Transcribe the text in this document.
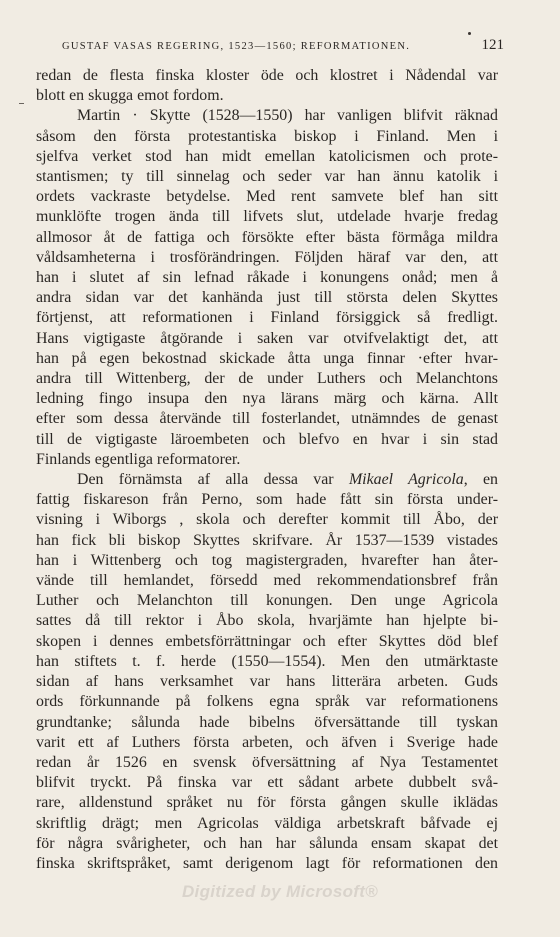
GUSTAF VASAS REGERING, 1523—1560; REFORMATIONEN.	121
redan de flesta finska kloster öde och klostret i Nådendal var
blott en skugga emot fordom.
Martin · Skytte (1528—1550) har vanligen blifvit räknad
såsom den första protestantiska biskop i Finland. Men i
sjelfva verket stod han midt emellan katolicismen och prote-
stantismen; ty till sinnelag och seder var han ännu katolik i
ordets vackraste betydelse. Med rent samvete blef han sitt
munklöfte trogen ända till lifvets slut, utdelade hvarje fredag
allmosor åt de fattiga och försökte efter bästa förmåga mildra
våldsamheterna i trosförändringen. Följden häraf var den, att
han i slutet af sin lefnad råkade i konungens onåd; men å
andra sidan var det kanhända just till största delen Skyttes
förtjenst, att reformationen i Finland försiggick så fredligt.
Hans vigtigaste åtgörande i saken var otvifvelaktigt det, att
han på egen bekostnad skickade åtta unga finnar ·efter hvar-
andra till Wittenberg, der de under Luthers och Melanchtons
ledning fingo insupa den nya lärans märg och kärna. Allt
efter som dessa återvände till fosterlandet, utnämndes de genast
till de vigtigaste läroembeten och blefvo en hvar i sin stad
Finlands egentliga reformatorer.
Den förnämsta af alla dessa var Mikael Agricola, en
fattig fiskareson från Perno, som hade fått sin första under-
visning i Wiborgs , skola och derefter kommit till Åbo, der
han fick bli biskop Skyttes skrifvare. År 1537—1539 vistades
han i Wittenberg och tog magistergraden, hvarefter han åter-
vände till hemlandet, försedd med rekommendationsbref från
Luther och Melanchton till konungen. Den unge Agricola
sattes då till rektor i Åbo skola, hvarjämte han hjelpte bi-
skopen i dennes embetsförrättningar och efter Skyttes död blef
han stiftets t. f. herde (1550—1554). Men den utmärktaste
sidan af hans verksamhet var hans litterära arbeten. Guds
ords förkunnande på folkens egna språk var reformationens
grundtanke; sålunda hade bibelns öfversättande till tyskan
varit ett af Luthers första arbeten, och äfven i Sverige hade
redan år 1526 en svensk öfversättning af Nya Testamentet
blifvit tryckt. På finska var ett sådant arbete dubbelt svå-
rare, alldenstund språket nu för första gången skulle iklädas
skriftlig drägt; men Agricolas väldiga arbetskraft båfvade ej
för några svårigheter, och han har sålunda ensam skapat det
finska skriftspråket, samt derigenom lagt för reformationen den
Digitized by Microsoft®
